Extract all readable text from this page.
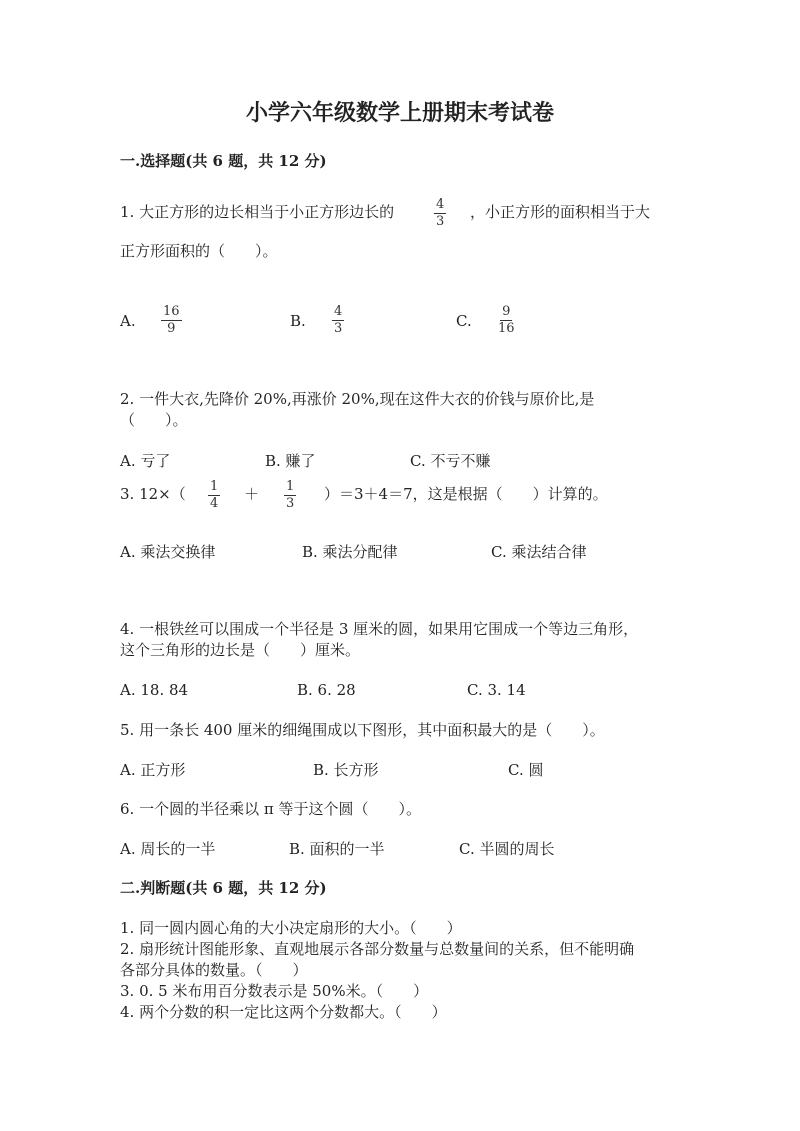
小学六年级数学上册期末考试卷
一.选择题(共 6 题，共 12 分)
1. 大正方形的边长相当于小正方形边长的	$\frac{4}{3}$ ，小正方形的面积相当于大
正方形面积的（　　）。
A. $\frac{16}{9}$	B. $\frac{4}{3}$	C. $\frac{9}{16}$
2. 一件大衣,先降价 20%,再涨价 20%,现在这件大衣的价钱与原价比,是
（　　）。
A. 亏了	B. 赚了	C. 不亏不赚
3. $12\times( \frac{1}{4} + \frac{1}{3} )=3+4=7$，这是根据（　　）计算的。
A. 乘法交换律	B. 乘法分配律	C. 乘法结合律
4. 一根铁丝可以围成一个半径是 3 厘米的圆，如果用它围成一个等边三角形，
这个三角形的边长是（　　）厘米。
A. 18. 84	B. 6. 28	C. 3. 14
5. 用一条长 400 厘米的细绳围成以下图形，其中面积最大的是（　　）。
A. 正方形	B. 长方形	C. 圆
6. 一个圆的半径乘以 π 等于这个圆（　　）。
A. 周长的一半	B. 面积的一半	C. 半圆的周长
二.判断题(共 6 题，共 12 分)
1. 同一圆内圆心角的大小决定扇形的大小。（　　）
2. 扇形统计图能形象、直观地展示各部分数量与总数量间的关系，但不能明确
各部分具体的数量。（　　）
3. 0. 5 米布用百分数表示是 50%米。（　　）
4. 两个分数的积一定比这两个分数都大。（　　）
